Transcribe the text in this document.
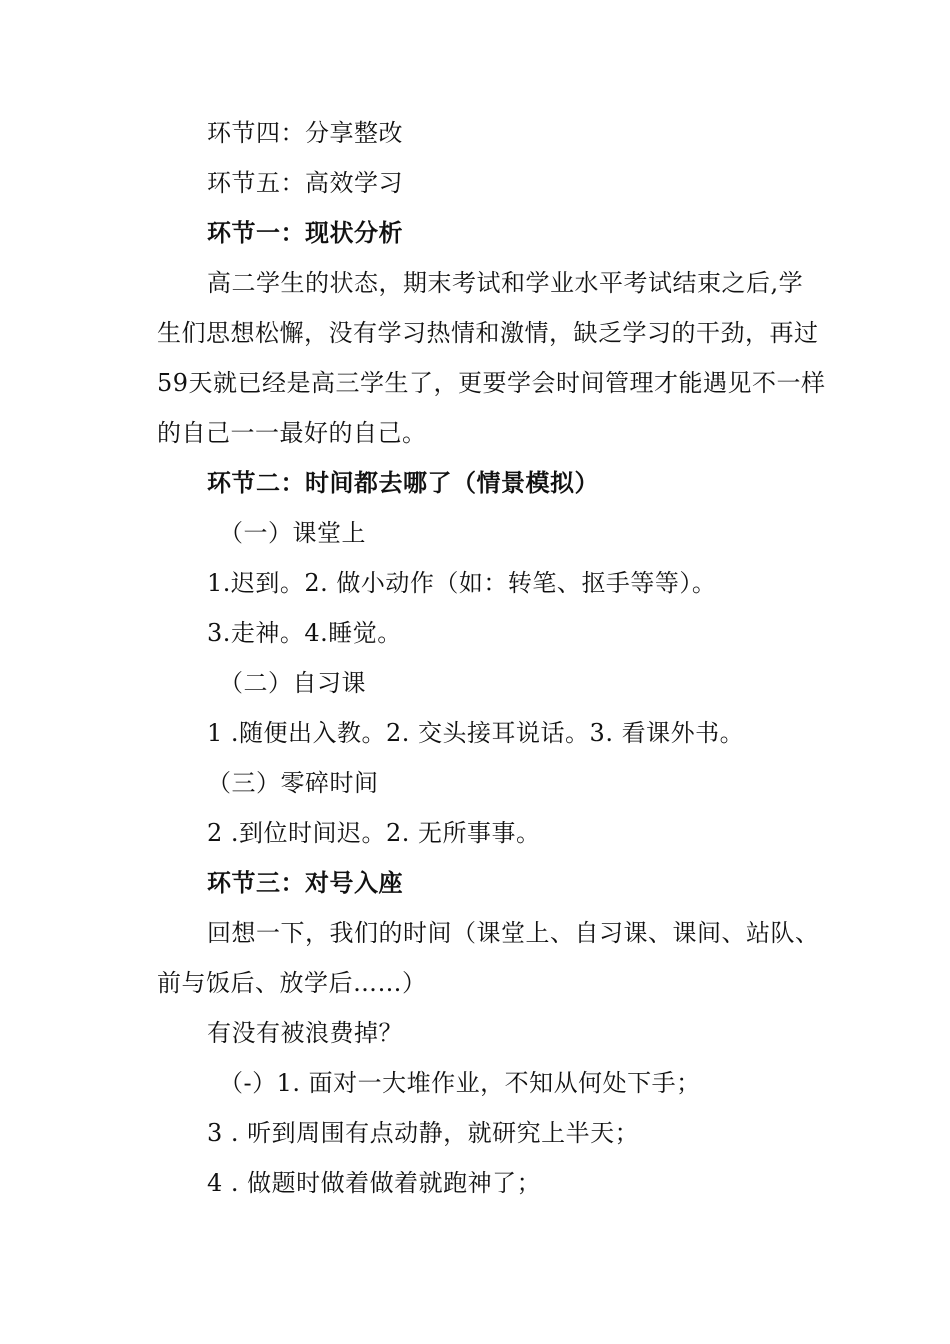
环节四：分享整改
环节五：高效学习
环节一：现状分析
高二学生的状态，期末考试和学业水平考试结束之后,学
生们思想松懈，没有学习热情和激情，缺乏学习的干劲，再过
59天就已经是高三学生了，更要学会时间管理才能遇见不一样
的自己一一最好的自己。
环节二：时间都去哪了（情景模拟）
（一）课堂上
1.迟到。2. 做小动作（如：转笔、抠手等等）。
3.走神。4.睡觉。
（二）自习课
1 .随便出入教。2. 交头接耳说话。3. 看课外书。
（三）零碎时间
2 .到位时间迟。2. 无所事事。
环节三：对号入座
回想一下，我们的时间（课堂上、自习课、课间、站队、
前与饭后、放学后……）
有没有被浪费掉？
（-）1. 面对一大堆作业，不知从何处下手；
3 . 听到周围有点动静，就研究上半天；
4 . 做题时做着做着就跑神了；
